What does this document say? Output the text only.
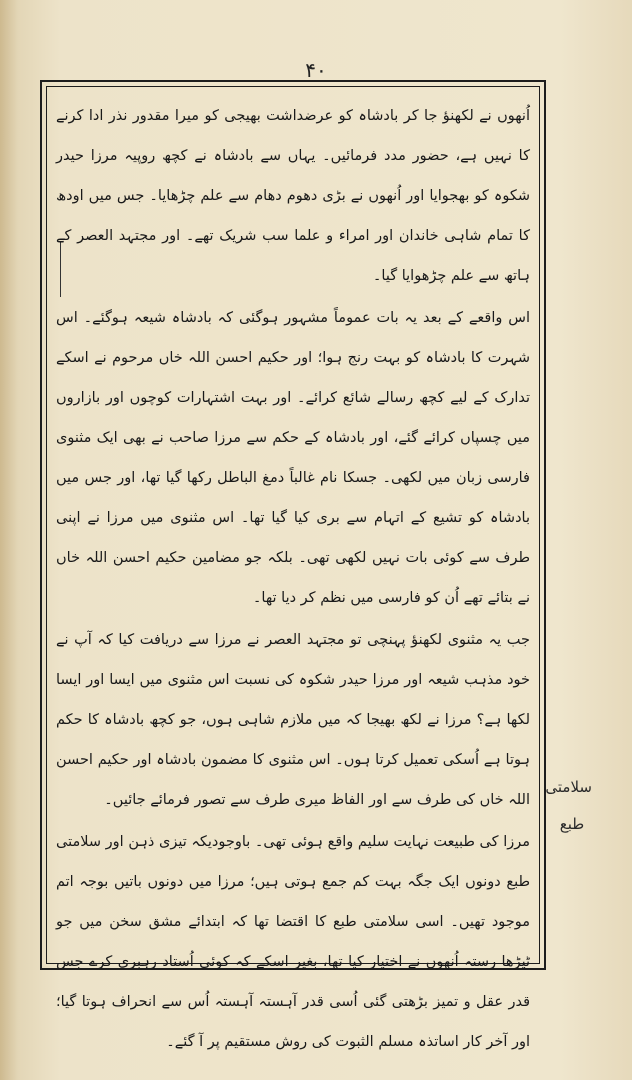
۴۰

اُنھوں نے لکھنؤ جا کر بادشاہ کو عرضداشت بھیجی کو میرا مقدور نذر ادا کرنے کا نہیں ہے، حضور مدد فرمائیں۔ یہاں سے بادشاہ نے کچھ روپیہ مرزا حیدر شکوہ کو بھجوایا اور اُنھوں نے بڑی دھوم دھام سے علم چڑھایا۔ جس میں اودھ کا تمام شاہی خاندان اور امراء و علما سب شریک تھے۔ اور مجتہد العصر کے ہاتھ سے علم چڑھوایا گیا۔

اس واقعے کے بعد یہ بات عموماً مشہور ہوگئی کہ بادشاہ شیعہ ہوگئے۔ اس شہرت کا بادشاہ کو بہت رنج ہوا؛ اور حکیم احسن اللہ خاں مرحوم نے اسکے تدارک کے لیے کچھ رسالے شائع کرائے۔ اور بہت اشتہارات کوچوں اور بازاروں میں چسپاں کرائے گئے، اور بادشاہ کے حکم سے مرزا صاحب نے بھی ایک مثنوی فارسی زبان میں لکھی۔ جسکا نام غالباً دمغ الباطل رکھا گیا تھا، اور جس میں بادشاہ کو تشیع کے اتہام سے بری کیا گیا تھا۔ اس مثنوی میں مرزا نے اپنی طرف سے کوئی بات نہیں لکھی تھی۔ بلکہ جو مضامین حکیم احسن اللہ خاں نے بتائے تھے اُن کو فارسی میں نظم کر دیا تھا۔

جب یہ مثنوی لکھنؤ پہنچی تو مجتہد العصر نے مرزا سے دریافت کیا کہ آپ نے خود مذہب شیعہ اور مرزا حیدر شکوہ کی نسبت اس مثنوی میں ایسا اور ایسا لکھا ہے؟ مرزا نے لکھ بھیجا کہ میں ملازم شاہی ہوں، جو کچھ بادشاہ کا حکم ہوتا ہے اُسکی تعمیل کرتا ہوں۔ اس مثنوی کا مضمون بادشاہ اور حکیم احسن اللہ خاں کی طرف سے اور الفاظ میری طرف سے تصور فرمائے جائیں۔

مرزا کی طبیعت نہایت سلیم واقع ہوئی تھی۔ باوجودیکہ تیزی ذہن اور سلامتی طبع دونوں ایک جگہ بہت کم جمع ہوتی ہیں؛ مرزا میں دونوں باتیں بوجہ اتم موجود تھیں۔ اسی سلامتی طبع کا اقتضا تھا کہ ابتدائے مشق سخن میں جو ٹیڑھا رستہ اُنھوں نے اختیار کیا تھا، بغیر اسکے کہ کوئی اُستاد رہبری کرے جس قدر عقل و تمیز بڑھتی گئی اُسی قدر آہستہ آہستہ اُس سے انحراف ہوتا گیا؛ اور آخر کار اساتذہ مسلم الثبوت کی روش مستقیم پر آ گئے۔

سلامتی
طبع
